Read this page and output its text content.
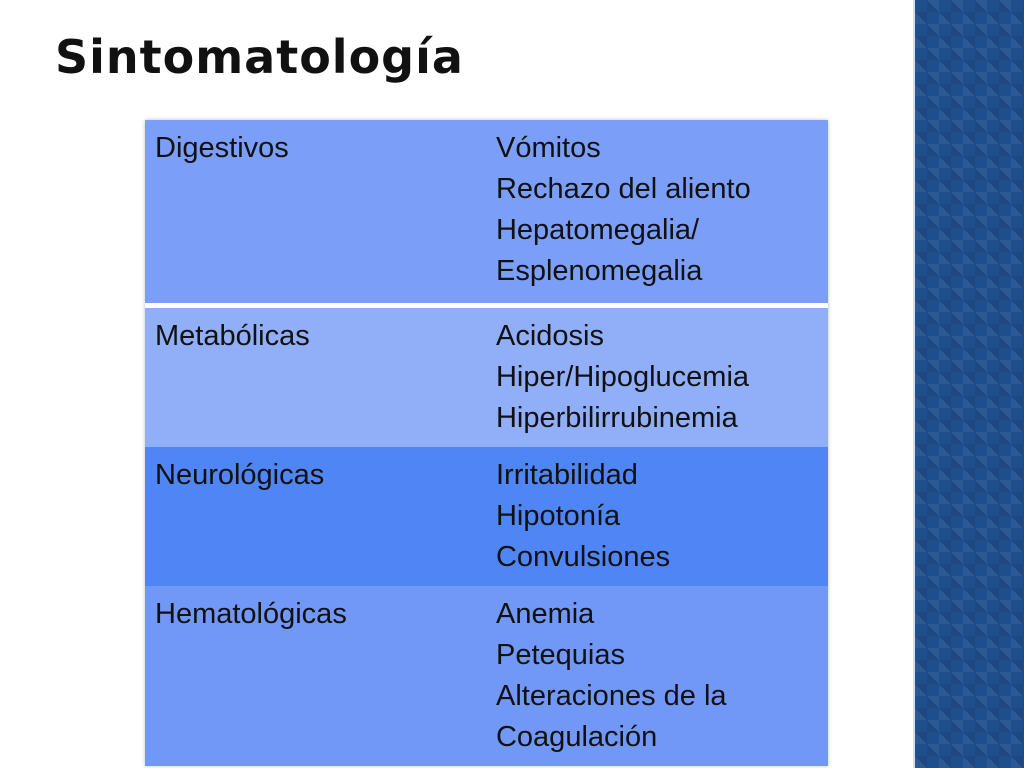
Sintomatología
Digestivos	Vómitos
Rechazo del aliento
Hepatomegalia/
Esplenomegalia

Metabólicas	Acidosis
Hiper/Hipoglucemia
Hiperbilirrubinemia

Neurológicas	Irritabilidad
Hipotonía
Convulsiones

Hematológicas	Anemia
Petequias
Alteraciones de la
Coagulación
